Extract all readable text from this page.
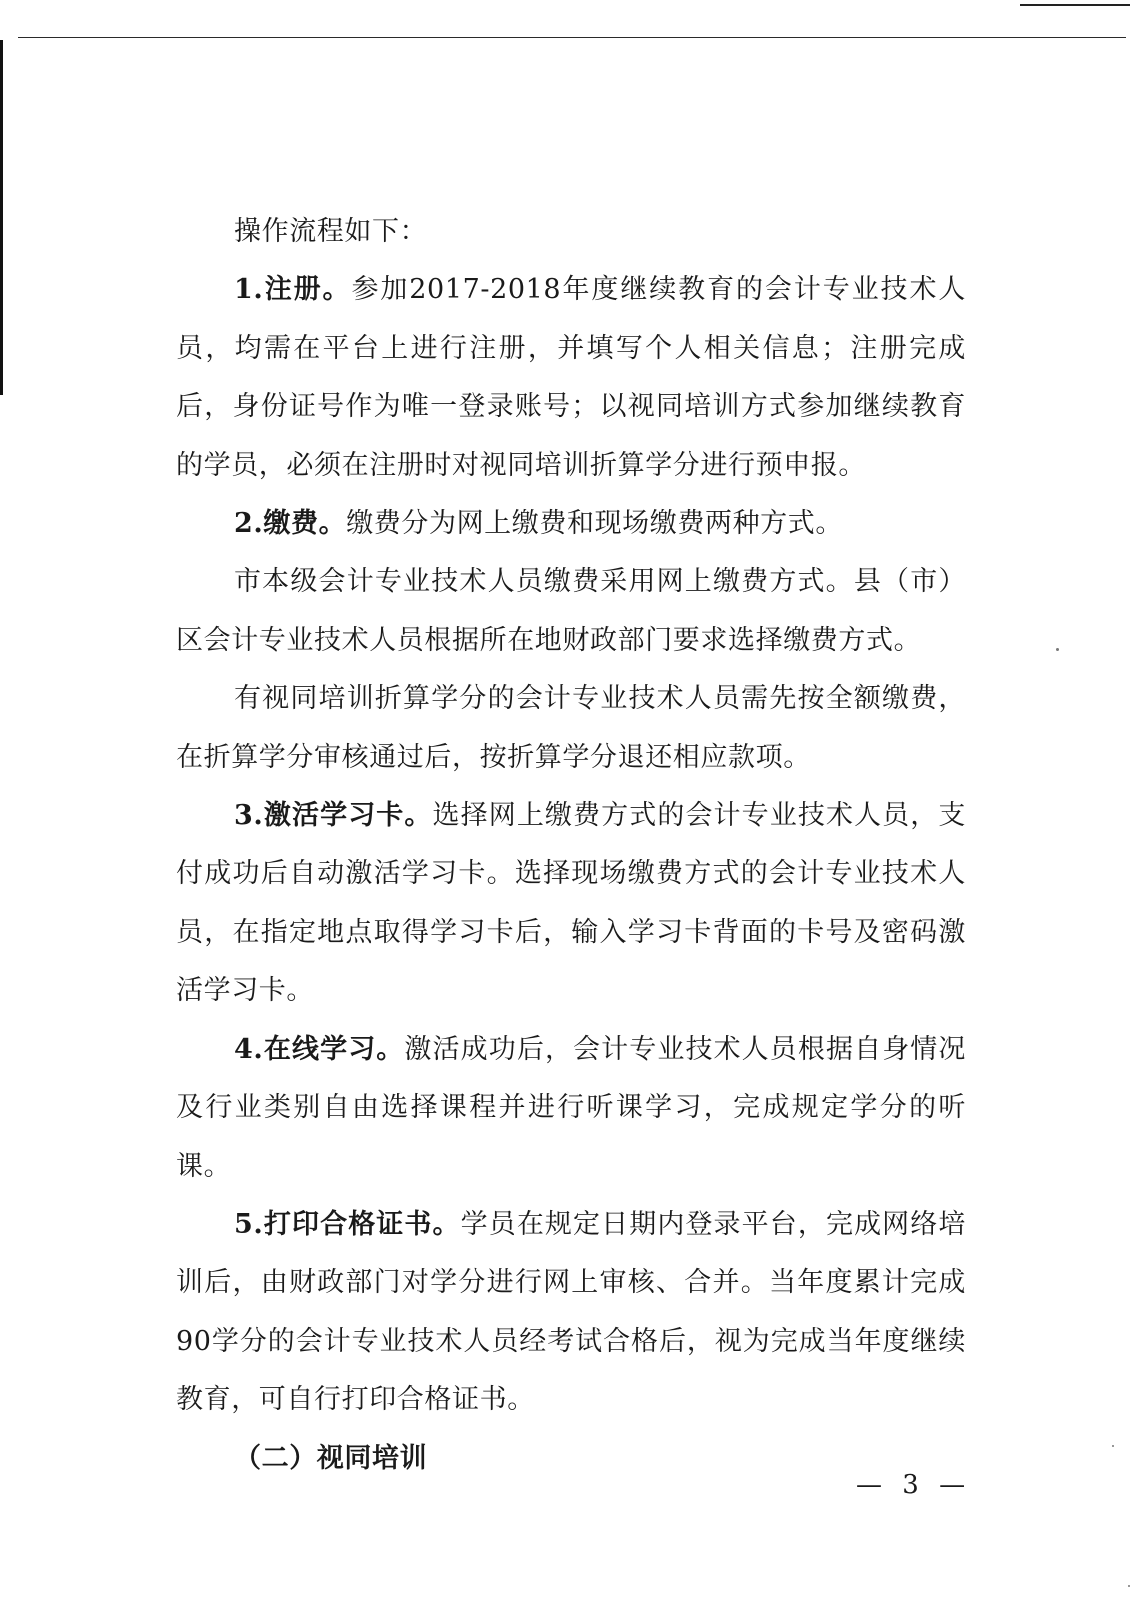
操作流程如下：

1.注册。参加2017-2018年度继续教育的会计专业技术人员，均需在平台上进行注册，并填写个人相关信息；注册完成后，身份证号作为唯一登录账号；以视同培训方式参加继续教育的学员，必须在注册时对视同培训折算学分进行预申报。

2.缴费。缴费分为网上缴费和现场缴费两种方式。

市本级会计专业技术人员缴费采用网上缴费方式。县（市）区会计专业技术人员根据所在地财政部门要求选择缴费方式。

有视同培训折算学分的会计专业技术人员需先按全额缴费，在折算学分审核通过后，按折算学分退还相应款项。

3.激活学习卡。选择网上缴费方式的会计专业技术人员，支付成功后自动激活学习卡。选择现场缴费方式的会计专业技术人员，在指定地点取得学习卡后，输入学习卡背面的卡号及密码激活学习卡。

4.在线学习。激活成功后，会计专业技术人员根据自身情况及行业类别自由选择课程并进行听课学习，完成规定学分的听课。

5.打印合格证书。学员在规定日期内登录平台，完成网络培训后，由财政部门对学分进行网上审核、合并。当年度累计完成90学分的会计专业技术人员经考试合格后，视为完成当年度继续教育，可自行打印合格证书。

（二）视同培训

— 3 —
